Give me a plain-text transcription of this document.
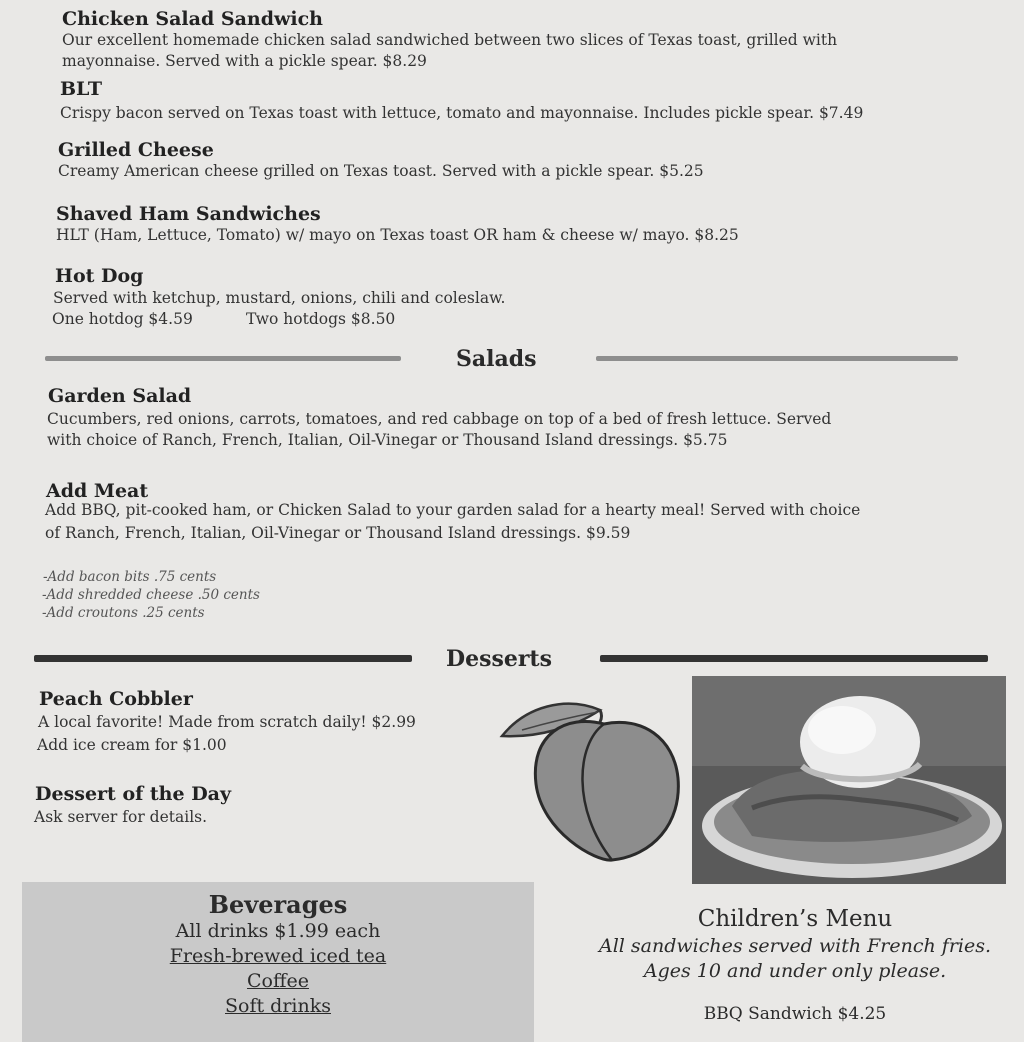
Chicken Salad Sandwich
Our excellent homemade chicken salad sandwiched between two slices of Texas toast, grilled with
mayonnaise. Served with a pickle spear. $8.29
BLT
Crispy bacon served on Texas toast with lettuce, tomato and mayonnaise. Includes pickle spear. $7.49
Grilled Cheese
Creamy American cheese grilled on Texas toast. Served with a pickle spear. $5.25
Shaved Ham Sandwiches
HLT (Ham, Lettuce, Tomato) w/ mayo on Texas toast OR ham & cheese w/ mayo. $8.25
Hot Dog
Served with ketchup, mustard, onions, chili and coleslaw.
One hotdog $4.59	Two hotdogs $8.50
Salads
Garden Salad
Cucumbers, red onions, carrots, tomatoes, and red cabbage on top of a bed of fresh lettuce. Served
with choice of Ranch, French, Italian, Oil-Vinegar or Thousand Island dressings. $5.75
Add Meat
Add BBQ, pit-cooked ham, or Chicken Salad to your garden salad for a hearty meal! Served with choice
of Ranch, French, Italian, Oil-Vinegar or Thousand Island dressings. $9.59
-Add bacon bits .75 cents
-Add shredded cheese .50 cents
-Add croutons .25 cents
Desserts
Peach Cobbler
A local favorite! Made from scratch daily! $2.99
Add ice cream for $1.00
Dessert of the Day
Ask server for details.
Beverages
All drinks $1.99 each
Fresh-brewed iced tea
Coffee
Soft drinks
Children’s Menu
All sandwiches served with French fries.
Ages 10 and under only please.
BBQ Sandwich $4.25
